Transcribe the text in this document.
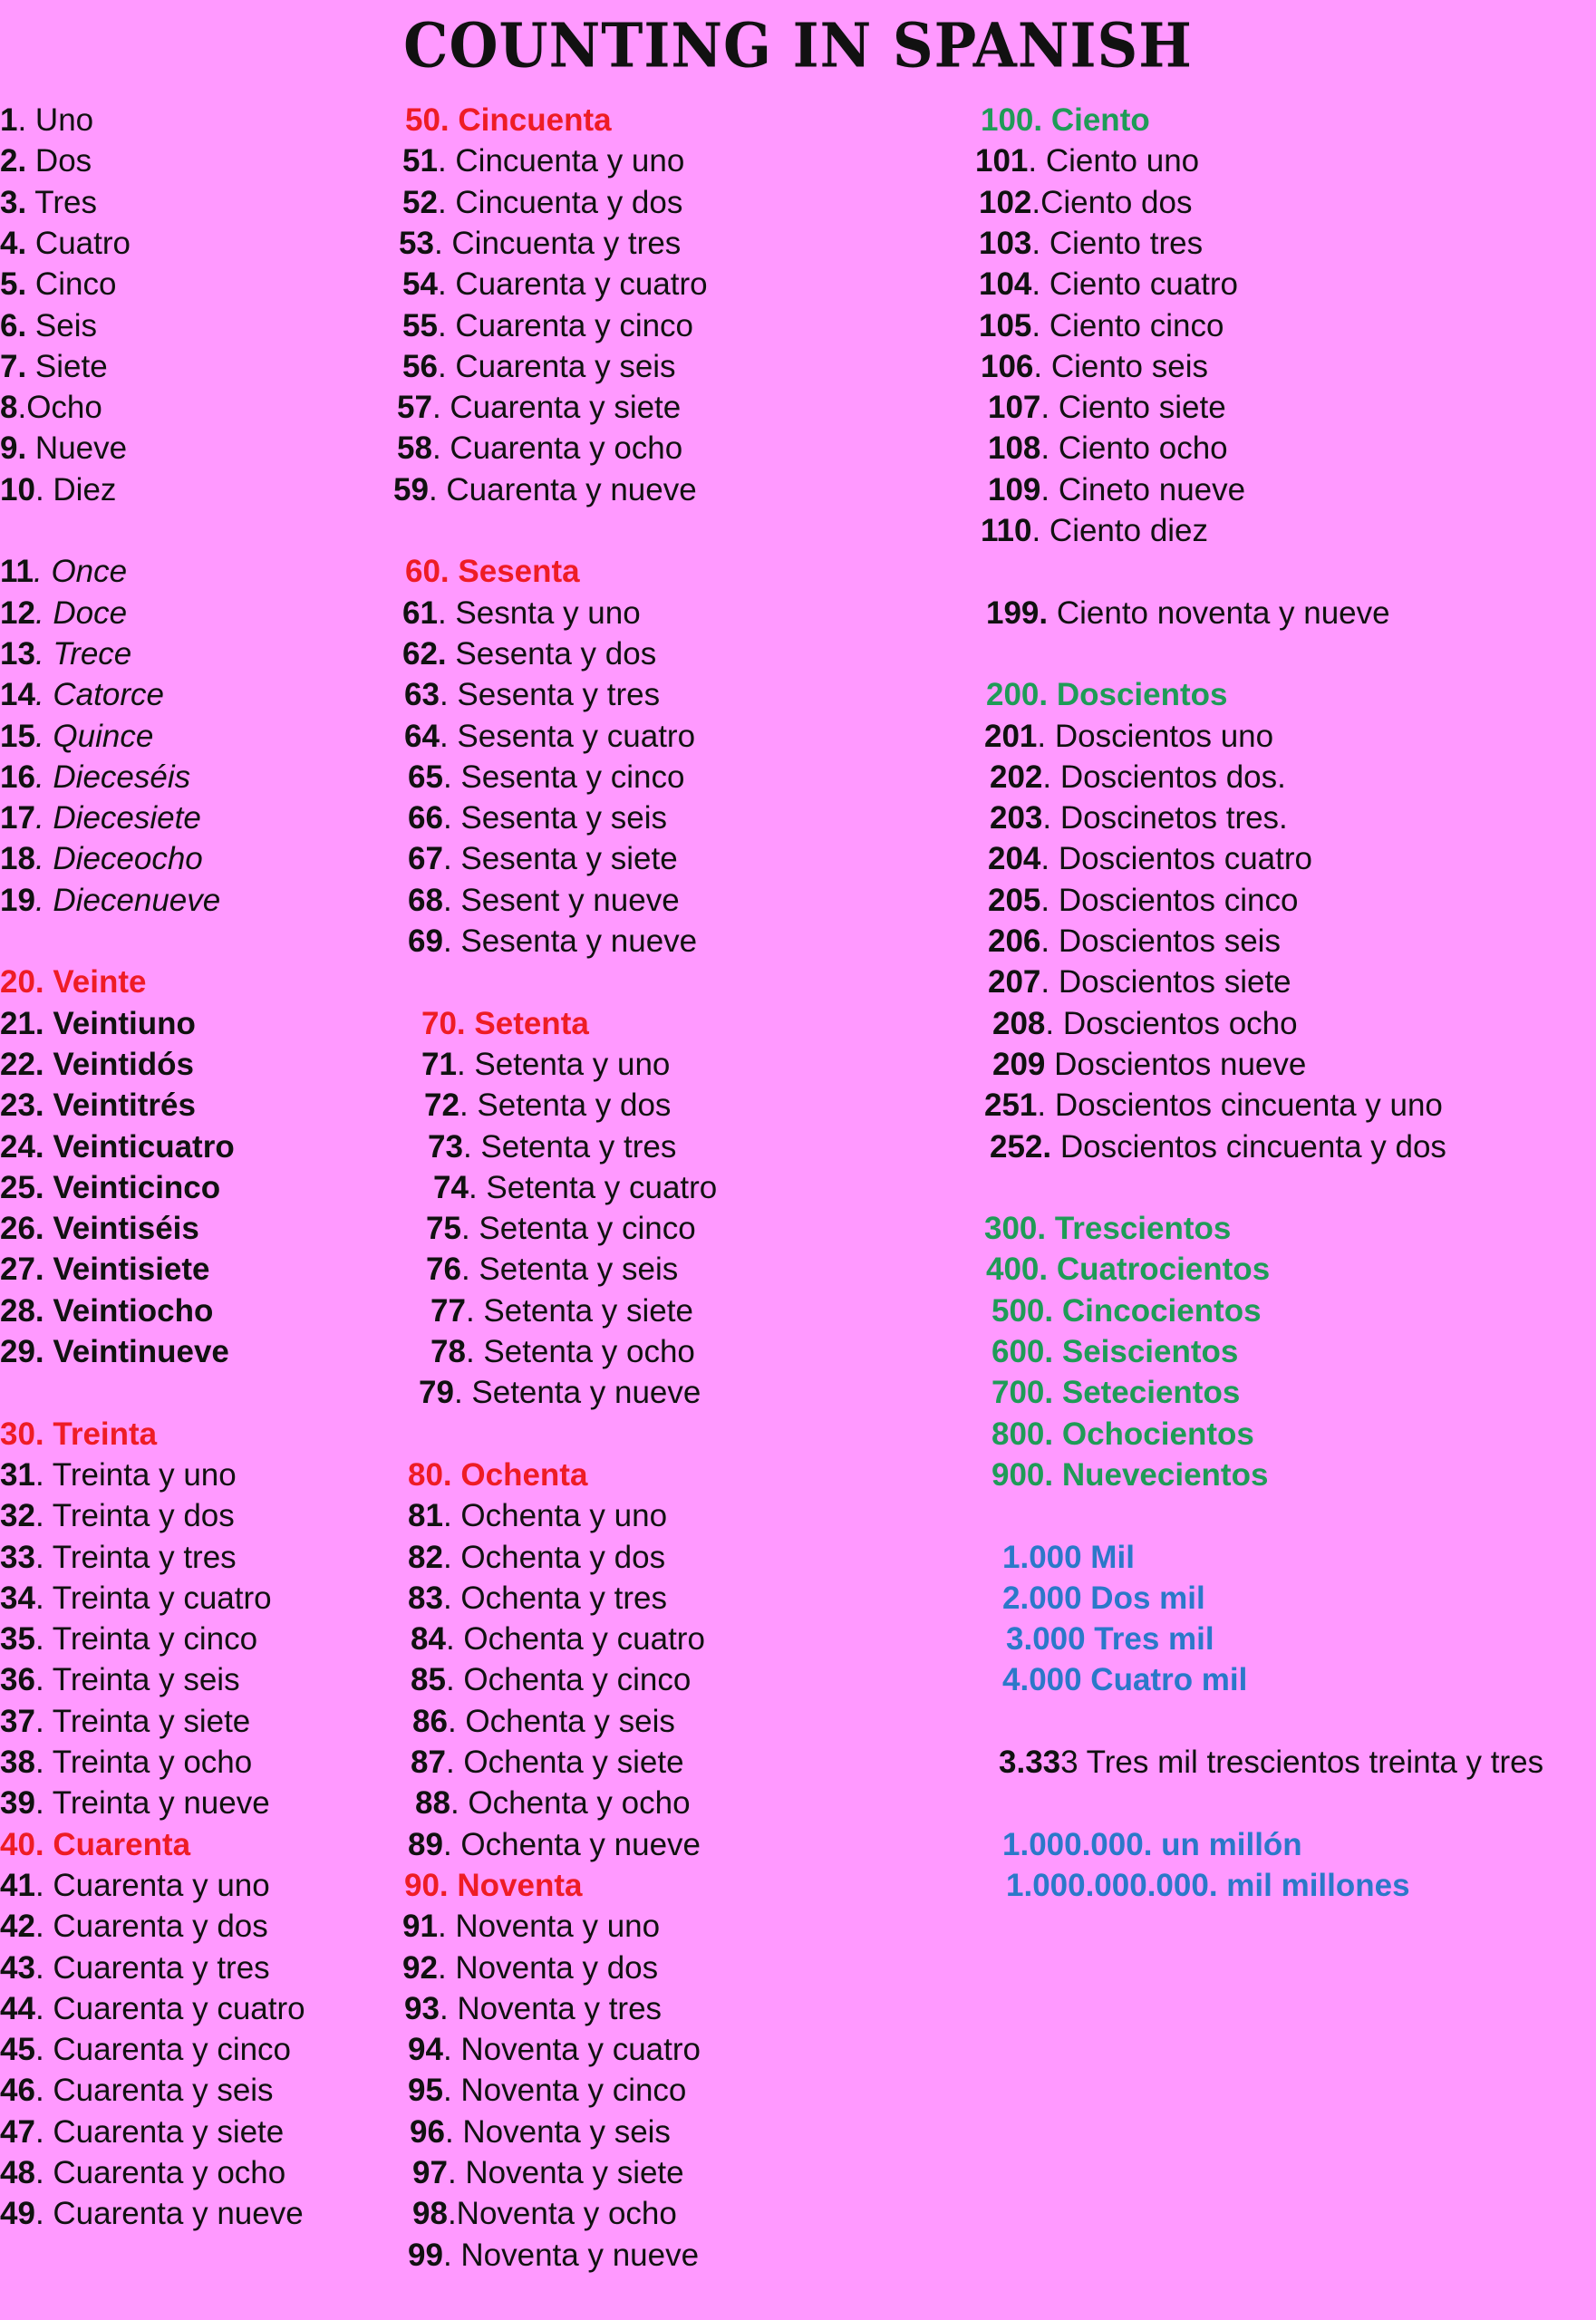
COUNTING IN SPANISH
1. Uno
2. Dos
3. Tres
4. Cuatro
5. Cinco
6. Seis
7. Siete
8.Ocho
9. Nueve
10. Diez
11. Once
12. Doce
13. Trece
14. Catorce
15. Quince
16. Dieceséis
17. Diecesiete
18. Dieceocho
19. Diecenueve
20. Veinte
21. Veintiuno
22. Veintidós
23. Veintitrés
24. Veinticuatro
25. Veinticinco
26. Veintiséis
27. Veintisiete
28. Veintiocho
29. Veintinueve
30. Treinta
31. Treinta y uno
32. Treinta y dos
33. Treinta y tres
34. Treinta y cuatro
35. Treinta y cinco
36. Treinta y seis
37. Treinta y siete
38. Treinta y ocho
39. Treinta y nueve
40. Cuarenta
41. Cuarenta y uno
42. Cuarenta y dos
43. Cuarenta y tres
44. Cuarenta y cuatro
45. Cuarenta y cinco
46. Cuarenta y seis
47. Cuarenta y siete
48. Cuarenta y ocho
49. Cuarenta y nueve
50. Cincuenta
51. Cincuenta y uno
52. Cincuenta y dos
53. Cincuenta y tres
54. Cuarenta y cuatro
55. Cuarenta y cinco
56. Cuarenta y seis
57. Cuarenta y siete
58. Cuarenta y ocho
59. Cuarenta y nueve
60. Sesenta
61. Sesnta y uno
62. Sesenta y dos
63. Sesenta y tres
64. Sesenta y cuatro
65. Sesenta y cinco
66. Sesenta y seis
67. Sesenta y siete
68. Sesent y nueve
69. Sesenta y nueve
70. Setenta
71. Setenta y uno
72. Setenta y dos
73. Setenta y tres
74. Setenta y cuatro
75. Setenta y cinco
76. Setenta y seis
77. Setenta y siete
78. Setenta y ocho
79. Setenta y nueve
80. Ochenta
81. Ochenta y uno
82. Ochenta y dos
83. Ochenta y tres
84. Ochenta y cuatro
85. Ochenta y cinco
86. Ochenta y seis
87. Ochenta y siete
88. Ochenta y ocho
89. Ochenta y nueve
90. Noventa
91. Noventa y uno
92. Noventa y dos
93. Noventa y tres
94. Noventa y cuatro
95. Noventa y cinco
96. Noventa y seis
97. Noventa y siete
98.Noventa y ocho
99. Noventa y nueve
100. Ciento
101. Ciento uno
102.Ciento dos
103. Ciento tres
104. Ciento cuatro
105. Ciento cinco
106. Ciento seis
107. Ciento siete
108. Ciento ocho
109. Cineto nueve
110. Ciento diez
199. Ciento noventa y nueve
200. Doscientos
201. Doscientos uno
202. Doscientos dos.
203. Doscinetos tres.
204. Doscientos cuatro
205. Doscientos cinco
206. Doscientos seis
207. Doscientos siete
208. Doscientos ocho
209 Doscientos nueve
251. Doscientos cincuenta y uno
252. Doscientos cincuenta y dos
300. Trescientos
400. Cuatrocientos
500. Cincocientos
600. Seiscientos
700. Setecientos
800. Ochocientos
900. Nuevecientos
1.000 Mil
2.000 Dos mil
3.000 Tres mil
4.000 Cuatro mil
3.333 Tres mil trescientos treinta y tres
1.000.000. un millón
1.000.000.000. mil millones
